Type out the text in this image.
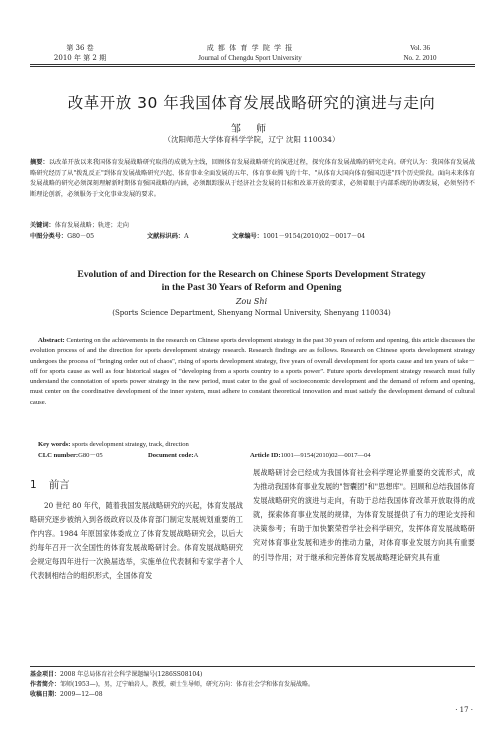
第 36 卷
2010 年 第 2 期
成 都 体 育 学 院 学 报
Journal of Chengdu Sport University
Vol. 36
No. 2. 2010
改革开放 30 年我国体育发展战略研究的演进与走向
邹 师
（沈阳师范大学体育科学学院，辽宁 沈阳 110034）
摘要：以改革开放以来我国体育发展战略研究取得的成就为主线，回顾体育发展战略研究的演进过程，探究体育发展战略的研究走向。研究认为：我国体育发展战略研究经历了从"拨乱反正"到体育发展战略研究兴起、体育事业全面发展的五年、体育事业腾飞的十年、"从体育大国向体育强国迈进"四个历史阶段。面向未来体育发展战略的研究必须深刻理解新时期体育强国战略的内涵，必须跟踪服从于经济社会发展的目标和改革开放的要求，必须着眼于内部系统的协调发展，必须坚持不断理论创新，必须服务于文化事业发展的要求。
关键词：体育发展战略；轨迹；走向
中图分类号：G80－05	文献标识码：A	文章编号：1001－9154(2010)02－0017－04
Evolution of and Direction for the Research on Chinese Sports Development Strategy
in the Past 30 Years of Reform and Opening
Zou Shi
(Sports Science Department, Shenyang Normal University, Shenyang 110034)
Abstract: Centering on the achievements in the research on Chinese sports development strategy in the past 30 years of reform and opening, this article discusses the evolution process of and the direction for sports development strategy research. Research findings are as follows. Research on Chinese sports development strategy undergoes the process of "bringing order out of chaos", rising of sports development strategy, five years of overall development for sports cause and ten years of take－off for sports cause as well as four historical stages of "developing from a sports country to a sports power". Future sports development strategy research must fully understand the connotation of sports power strategy in the new period, must cater to the goal of socioeconomic development and the demand of reform and opening, must center on the coordinative development of the inner system, must adhere to constant theoretical innovation and must satisfy the development demand of cultural cause.
Key words: sports development strategy, track, direction
CLC number:G80－05	Document code:A	Article ID:1001—9154(2010)02—0017—04
1 前言
20 世纪 80 年代，随着我国发展战略研究的兴起，体育发展战略研究逐步被纳入到各级政府以及体育部门制定发展规划重要的工作内容。1984 年原国家体委成立了体育发展战略研究会，以后大约每年召开一次全国性的体育发展战略研讨会。体育发展战略研究会规定每四年进行一次换届选举，实施单位代表制和专家学者个人代表制相结合的组织形式，全国体育发
展战略研讨会已经成为我国体育社会科学理论界重要的交流形式，成为推动我国体育事业发展的"智囊团"和"思想库"。回顾和总结我国体育发展战略研究的演进与走向，有助于总结我国体育改革开放取得的成就，探索体育事业发展的规律，为体育发展提供了有力的理论支持和决策参考；有助于加快繁荣哲学社会科学研究，发挥体育发展战略研究对体育事业发展和进步的推动力量，对体育事业发展方向具有重要的引导作用；对于继承和完善体育发展战略理论研究具有重
基金项目：2008 年总局体育社会科学课题编号(1286SS08104)
作者简介：邹师(1953—)，男，辽宁岫岩人，教授，硕士生导师，研究方向：体育社会学和体育发展战略。
收稿日期：2009—12—08
· 17 ·
